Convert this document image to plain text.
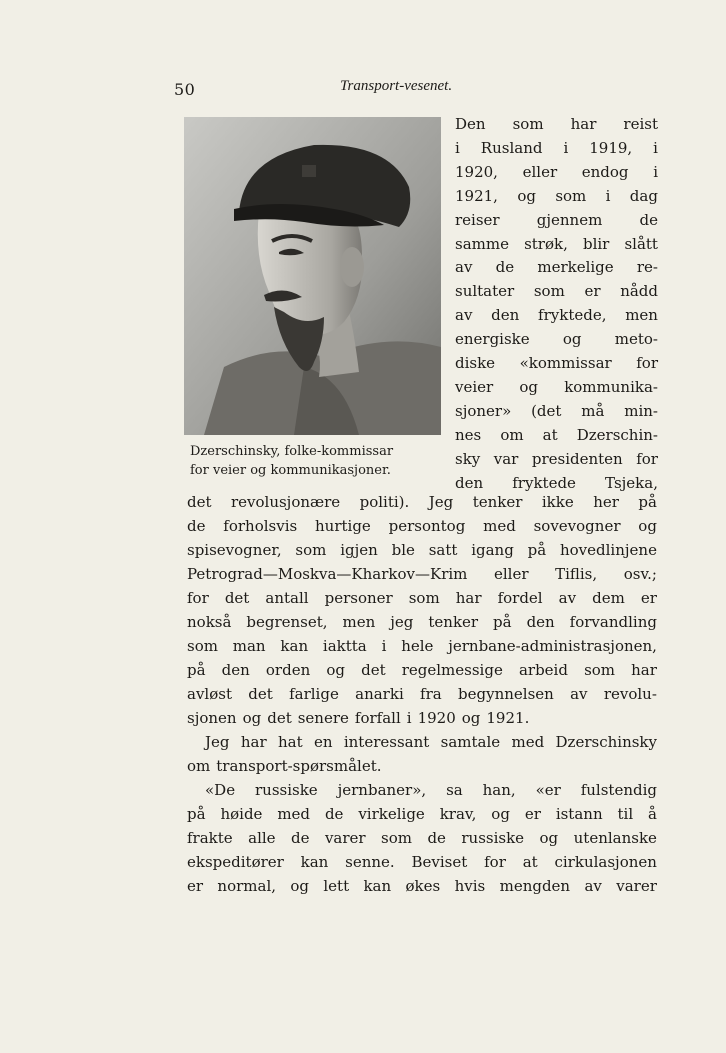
50	Transport-vesenet.
Dzerschinsky, folke-kommissar
for veier og kommunikasjoner.
Den som har reist
i Rusland i 1919, i
1920, eller endog i
1921, og som i dag
reiser gjennem de
samme strøk, blir slått
av de merkelige re-
sultater som er nådd
av den fryktede, men
energiske og meto-
diske «kommissar for
veier og kommunika-
sjoner» (det må min-
nes om at Dzerschin-
sky var presidenten for
den fryktede Tsjeka,
det revolusjonære politi). Jeg tenker ikke her på
de forholsvis hurtige persontog med sovevogner og
spisevogner, som igjen ble satt igang på hovedlinjene
Petrograd—Moskva—Kharkov—Krim eller Tiflis, osv.;
for det antall personer som har fordel av dem er
nokså begrenset, men jeg tenker på den forvandling
som man kan iaktta i hele jernbane-administrasjonen,
på den orden og det regelmessige arbeid som har
avløst det farlige anarki fra begynnelsen av revolu-
sjonen og det senere forfall i 1920 og 1921.
Jeg har hat en interessant samtale med Dzerschinsky
om transport-spørsmålet.
«De russiske jernbaner», sa han, «er fulstendig
på høide med de virkelige krav, og er istann til å
frakte alle de varer som de russiske og utenlanske
ekspeditører kan senne. Beviset for at cirkulasjonen
er normal, og lett kan økes hvis mengden av varer
